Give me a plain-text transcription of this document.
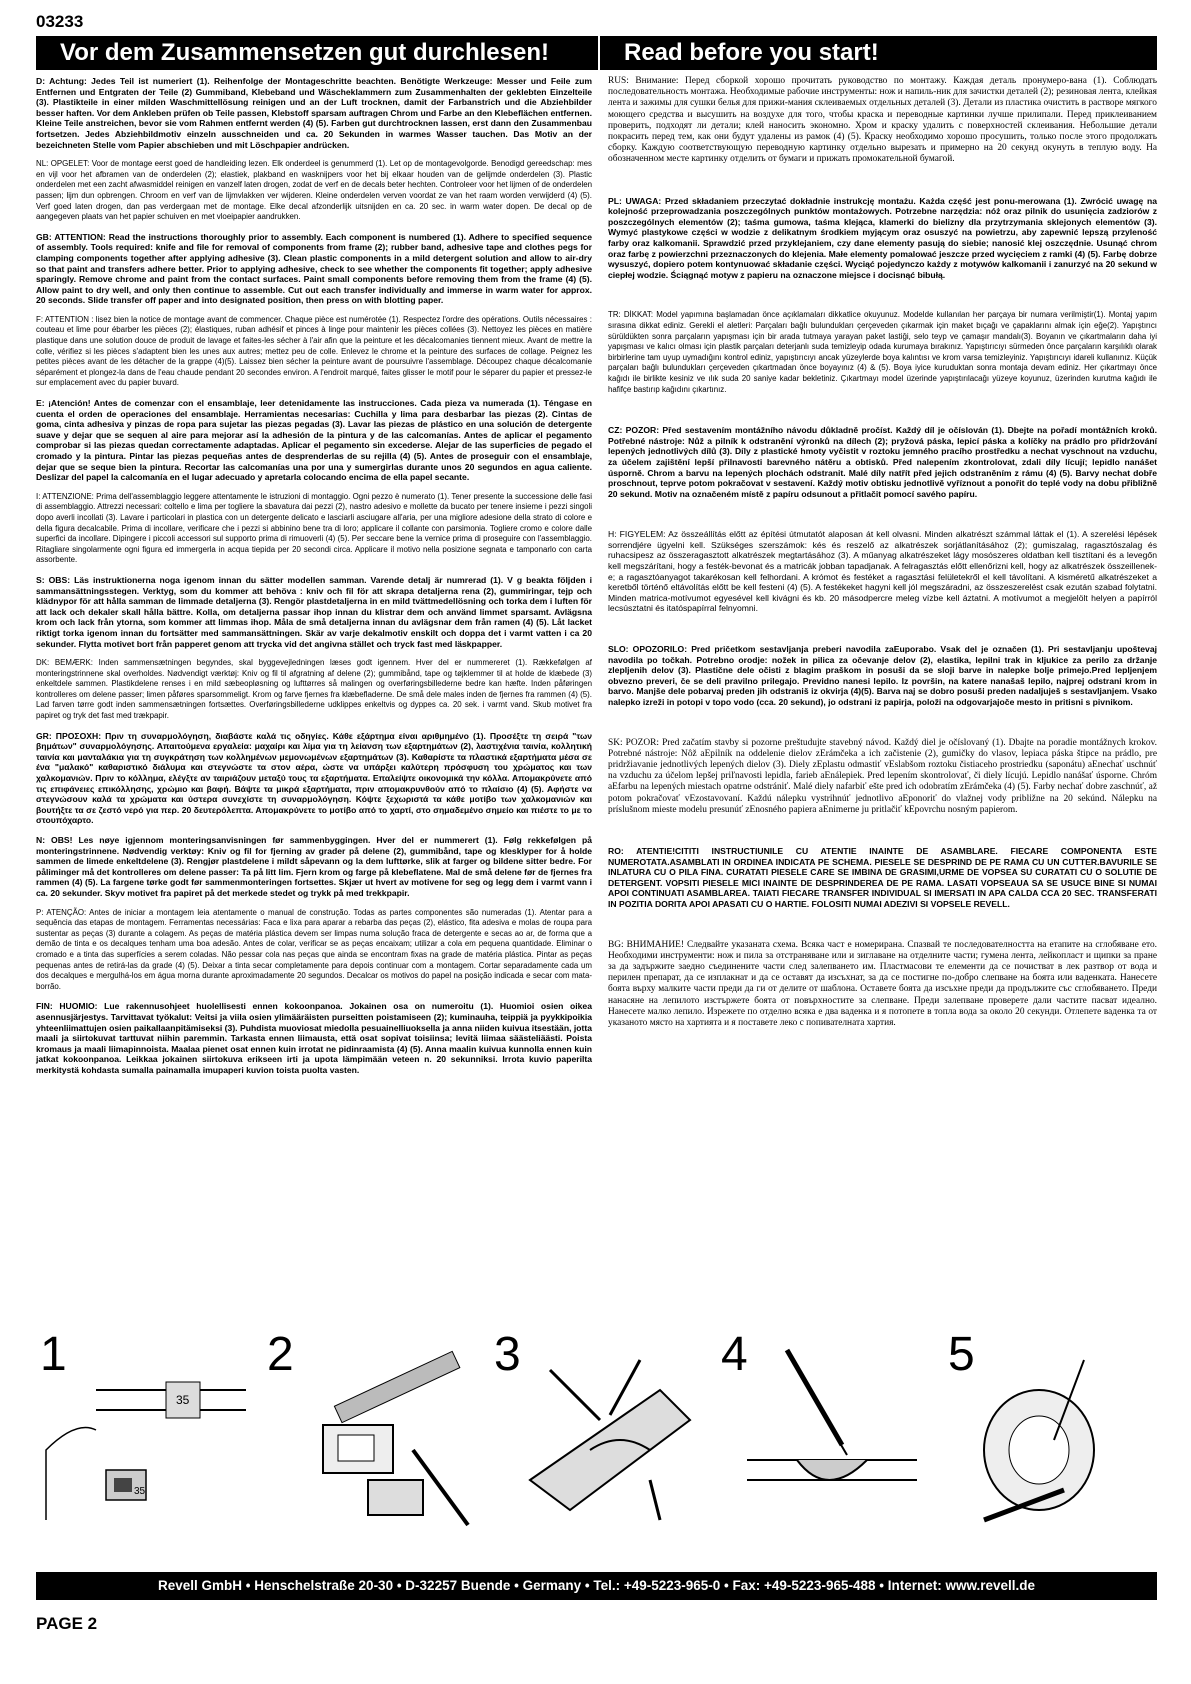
03233
Vor dem Zusammensetzen gut durchlesen!	Read before you start!

D: Achtung: Jedes Teil ist numeriert (1). Reihenfolge der Montageschritte beachten. Benötigte Werkzeuge: Messer und Feile zum Entfernen und Entgraten der Teile (2) Gummiband, Klebeband und Wäscheklammern zum Zusammenhalten der geklebten Einzelteile (3). Plastikteile in einer milden Waschmittellösung reinigen und an der Luft trocknen, damit der Farbanstrich und die Abziehbilder besser haften. Vor dem Ankleben prüfen ob Teile passen, Klebstoff sparsam auftragen Chrom und Farbe an den Klebeflächen entfernen. Kleine Teile anstreichen, bevor sie vom Rahmen entfernt werden (4) (5). Farben gut durchtrocknen lassen, erst dann den Zusammenbau fortsetzen. Jedes Abziehbildmotiv einzeln ausschneiden und ca. 20 Sekunden in warmes Wasser tauchen. Das Motiv an der bezeichneten Stelle vom Papier abschieben und mit Löschpapier andrücken.

NL: OPGELET: Voor de montage eerst goed de handleiding lezen. Elk onderdeel is genummerd (1). Let op de montagevolgorde. Benodigd gereedschap: mes en vijl voor het afbramen van de onderdelen (2); elastiek, plakband en wasknijpers voor het bij elkaar houden van de gelijmde onderdelen (3). Plastic onderdelen met een zacht afwasmiddel reinigen en vanzelf laten drogen, zodat de verf en de decals beter hechten. Controleer voor het lijmen of de onderdelen passen; lijm dun opbrengen. Chroom en verf van de lijmvlakken ver wijderen. Kleine onderdelen verven voordat ze van het raam worden verwijderd (4) (5). Verf goed laten drogen, dan pas verdergaan met de montage. Elke decal afzonderlijk uitsnijden en ca. 20 sec. in warm water dopen. De decal op de aangegeven plaats van het papier schuiven en met vloeipapier aandrukken.

GB: ATTENTION: Read the instructions thoroughly prior to assembly. Each component is numbered (1). Adhere to specified sequence of assembly. Tools required: knife and file for removal of components from frame (2); rubber band, adhesive tape and clothes pegs for clamping components together after applying adhesive (3). Clean plastic components in a mild detergent solution and allow to air-dry so that paint and transfers adhere better. Prior to applying adhesive, check to see whether the components fit together; apply adhesive sparingly. Remove chrome and paint from the contact surfaces. Paint small components before removing them from the frame (4) (5). Allow paint to dry well, and only then continue to assemble. Cut out each transfer individually and immerse in warm water for approx. 20 seconds. Slide transfer off paper and into designated position, then press on with blotting paper.

F: ATTENTION : lisez bien la notice de montage avant de commencer. Chaque pièce est numérotée (1). Respectez l'ordre des opérations. Outils nécessaires : couteau et lime pour ébarber les pièces (2); élastiques, ruban adhésif et pinces à linge pour maintenir les pièces collées (3). Nettoyez les pièces en matière plastique dans une solution douce de produit de lavage et faites-les sécher à l'air afin que la peinture et les décalcomanies tiennent mieux. Avant de mettre la colle, vérifiez si les pièces s'adaptent bien les unes aux autres; mettez peu de colle. Enlevez le chrome et la peinture des surfaces de collage. Peignez les petites pièces avant de les détacher de la grappe (4)(5). Laissez bien sécher la peinture avant de poursuivre l'assemblage. Découpez chaque décalcomanie séparément et plongez-la dans de l'eau chaude pendant 20 secondes environ. A l'endroit marqué, faites glisser le motif pour le séparer du papier et pressez-le sur emplacement avec du papier buvard.

E: ¡Atención! Antes de comenzar con el ensamblaje, leer detenidamente las instrucciones. Cada pieza va numerada (1). Téngase en cuenta el orden de operaciones del ensamblaje. Herramientas necesarias: Cuchilla y lima para desbarbar las piezas (2). Cintas de goma, cinta adhesiva y pinzas de ropa para sujetar las piezas pegadas (3). Lavar las piezas de plástico en una solución de detergente suave y dejar que se sequen al aire para mejorar así la adhesión de la pintura y de las calcomanías. Antes de aplicar el pegamento comprobar si las piezas quedan correctamente adaptadas. Aplicar el pegamento sin excederse. Alejar de las superficies de pegado el cromado y la pintura. Pintar las piezas pequeñas antes de desprenderlas de su rejilla (4) (5). Antes de proseguir con el ensamblaje, dejar que se seque bien la pintura. Recortar las calcomanías una por una y sumergirlas durante unos 20 segundos en agua caliente. Deslizar del papel la calcomanía en el lugar adecuado y apretarla colocando encima de ella papel secante.

I: ATTENZIONE: Prima dell'assemblaggio leggere attentamente le istruzioni di montaggio. Ogni pezzo è numerato (1). Tener presente la successione delle fasi di assemblaggio. Attrezzi necessari: coltello e lima per togliere la sbavatura dai pezzi (2), nastro adesivo e mollette da bucato per tenere insieme i pezzi singoli dopo averli incollati (3). Lavare i particolari in plastica con un detergente delicato e lasciarli asciugare all'aria, per una migliore adesione della strato di colore e della figura decalcabile. Prima di incollare, verificare che i pezzi si abbinino bene tra di loro; applicare il collante con parsimonia. Togliere cromo e colore dalle superfici da incollare. Dipingere i piccoli accessori sul supporto prima di rimuoverli (4) (5). Per seccare bene la vernice prima di proseguire con l'assemblaggio. Ritagliare singolarmente ogni figura ed immergerla in acqua tiepida per 20 secondi circa. Applicare il motivo nella posizione segnata e tamponarlo con carta assorbente.

S: OBS: Läs instruktionerna noga igenom innan du sätter modellen samman. Varende detalj är numrerad (1). V g beakta följden i sammansättningsstegen. Verktyg, som du kommer att behöva : kniv och fil för att skrapa detaljerna rena (2), gummiringar, tejp och klädnypor för att hålla samman de limmade detaljerna (3). Rengör plastdetaljerna in en mild tvättmedellösning och torka dem i luften för att lack och dekaler skall hålla bättre. Kolla, om detaljerna passar ihop innan du klistrar dem och använd limmet sparsamt. Avlägsna krom och lack från ytorna, som kommer att limmas ihop. Måla de små detaljerna innan du avlägsnar dem från ramen (4) (5). Låt lacket riktigt torka igenom innan du fortsätter med sammansättningen. Skär av varje dekalmotiv enskilt och doppa det i varmt vatten i ca 20 sekunder. Flytta motivet bort från papperet genom att trycka vid det angivna stället och tryck fast med läskpapper.

DK: BEMÆRK: Inden sammensætningen begyndes, skal byggevejledningen læses godt igennem. Hver del er nummereret (1). Rækkefølgen af monteringstrinnene skal overholdes. Nødvendigt værktøj: Kniv og fil til afgratning af delene (2); gummibånd, tape og tøjklemmer til at holde de klæbede (3) enkeltdele sammen. Plastikdelene renses i en mild sæbeopløsning og lufttørres så malingen og overføringsbillederne bedre kan hæfte. Inden påføringen kontrolleres om delene passer; limen påføres sparsommeligt. Krom og farve fjernes fra klæbefladerne. De små dele males inden de fjernes fra rammen (4) (5). Lad farven tørre godt inden sammensætningen fortsættes. Overføringsbillederne udklippes enkeltvis og dyppes ca. 20 sek. i varmt vand. Skub motivet fra papiret og tryk det fast med trækpapir.

GR: ΠΡΟΣΟΧΗ: Πριν τη συναρμολόγηση, διαβάστε καλά τις οδηγίες. Κάθε εξάρτημα είναι αριθμημένο (1). Προσέξτε τη σειρά "των βημάτων" συναρμολόγησης. Απαιτούμενα εργαλεία: μαχαίρι και λίμα για τη λείανση των εξαρτημάτων (2), λαστιχένια ταινία, κολλητική ταινία και μανταλάκια για τη συγκράτηση των κολλημένων μεμονωμένων εξαρτημάτων (3). Καθαρίστε τα πλαστικά εξαρτήματα μέσα σε ένα "μαλακό" καθαριστικό διάλυμα και στεγνώστε τα στον αέρα, ώστε να υπάρξει καλύτερη πρόσφυση του χρώματος και των χαλκομανιών. Πριν το κόλλημα, ελέγξτε αν ταιριάζουν μεταξύ τους τα εξαρτήματα. Επαλείψτε οικονομικά την κόλλα. Απομακρύνετε από τις επιφάνειες επικόλλησης, χρώμιο και βαφή. Βάψτε τα μικρά εξαρτήματα, πριν απομακρυνθούν από το πλαίσιο (4) (5). Αφήστε να στεγνώσουν καλά τα χρώματα και ύστερα συνεχίστε τη συναρμολόγηση. Κόψτε ξεχωριστά τα κάθε μοτίβο των χαλκομανιών και βουτήξτε τα σε ζεστό νερό για περ. 20 δευτερόλεπτα. Απομακρύνετε το μοτίβο από το χαρτί, στο σημαδεμένο σημείο και πιέστε το με το στουπόχαρτο.

N: OBS! Les nøye igjennom monteringsanvisningen før sammenbyggingen. Hver del er nummerert (1). Følg rekkefølgen på monteringstrinnene. Nødvendig verktøy: Kniv og fil for fjerning av grader på delene (2), gummibånd, tape og klesklyper for å holde sammen de limede enkeltdelene (3). Rengjør plastdelene i mildt såpevann og la dem lufttørke, slik at farger og bildene sitter bedre. For påliminger må det kontrolleres om delene passer: Ta på litt lim. Fjern krom og farge på klebeflatene. Mal de små delene før de fjernes fra rammen (4) (5). La fargene tørke godt før sammenmonteringen fortsettes. Skjær ut hvert av motivene for seg og legg dem i varmt vann i ca. 20 sekunder. Skyv motivet fra papiret på det merkede stedet og trykk på med trekkpapir.

P: ATENÇÃO: Antes de iniciar a montagem leia atentamente o manual de construção. Todas as partes componentes são numeradas (1). Atentar para a sequência das etapas de montagem. Ferramentas necessárias: Faca e lixa para aparar a rebarba das peças (2), elástico, fita adesiva e molas de roupa para sustentar as peças (3) durante a colagem. As peças de matéria plástica devem ser limpas numa solução fraca de detergente e secas ao ar, de forma que a demão de tinta e os decalques tenham uma boa adesão. Antes de colar, verificar se as peças encaixam; utilizar a cola em pequena quantidade. Eliminar o cromado e a tinta das superfícies a serem coladas. Não pessar cola nas peças que ainda se encontram fixas na grade de matéria plástica. Pintar as peças pequenas antes de retirá-las da grade (4) (5). Deixar a tinta secar completamente para depois continuar com a montagem. Cortar separadamente cada um dos decalques e mergulhá-los em água morna durante aproximadamente 20 segundos. Decalcar os motivos do papel na posição indicada e secar com mata-borrão.

FIN: HUOMIO: Lue rakennusohjeet huolellisesti ennen kokoonpanoa. Jokainen osa on numeroitu (1). Huomioi osien oikea asennusjärjestys. Tarvittavat työkalut: Veitsi ja viila osien ylimääräisten purseitten poistamiseen (2); kuminauha, teippiä ja pyykkipoikia yhteenliimattujen osien paikallaanpitämiseksi (3). Puhdista muoviosat miedolla pesuainelliuoksella ja anna niiden kuivua itsestään, jotta maali ja siirtokuvat tarttuvat niihin paremmin. Tarkasta ennen liimausta, että osat sopivat toisiinsa; levitä liimaa säästeliäästi. Poista kromaus ja maali liimapinnoista. Maalaa pienet osat ennen kuin irrotat ne pidinraamista (4) (5). Anna maalin kuivua kunnolla ennen kuin jatkat kokoonpanoa. Leikkaa jokainen siirtokuva erikseen irti ja upota lämpimään veteen n. 20 sekunniksi. Irrota kuvio paperilta merkitystä kohdasta sumalla painamalla imupaperi kuvion toista puolta vasten.

RUS: Внимание: Перед сборкой хорошо прочитать руководство по монтажу. Каждая деталь пронумеро-вана (1). Соблюдать последовательность монтажа. Необходимые рабочие инструменты: нож и напиль-ник для зачистки деталей (2); резиновая лента, клейкая лента и зажимы для сушки белья для прижи-мания склеиваемых отдельных деталей (3). Детали из пластика очистить в растворе мягкого моющего средства и высушить на воздухе для того, чтобы краска и переводные картинки лучше прилипали. Перед приклеиванием проверить, подходят ли детали; клей наносить экономно. Хром и краску удалить с поверхностей склеивания. Небольшие детали покрасить перед тем, как они будут удалены из рамок (4) (5). Краску необходимо хорошо просушить, только после этого продолжать сборку. Каждую соответствующую переводную картинку отдельно вырезать и примерно на 20 секунд окунуть в теплую воду. На обозначенном месте картинку отделить от бумаги и прижать промокательной бумагой.

PL: UWAGA: Przed składaniem przeczytać dokładnie instrukcję montażu. Każda część jest ponu-merowana (1). Zwrócić uwagę na kolejność przeprowadzania poszczególnych punktów montażowych. Potrzebne narzędzia: nóż oraz pilnik do usunięcia zadziorów z poszczególnych elementów (2); taśma gumowa, taśma klejąca, klamerki do bielizny dla przytrzymania sklejonych elementów (3). Wymyć plastykowe części w wodzie z delikatnym środkiem myjącym oraz osuszyć na powietrzu, aby zapewnić lepszą przyleność farby oraz kalkomanii. Sprawdzić przed przyklejaniem, czy dane elementy pasują do siebie; nanosić klej oszczędnie. Usunąć chrom oraz farbę z powierzchni przeznaczonych do klejenia. Małe elementy pomalować jeszcze przed wycięciem z ramki (4) (5). Farbę dobrze wysuszyć, dopiero potem kontynuować składanie części. Wyciąć pojedynczo każdy z motywów kalkomanii i zanurzyć na 20 sekund w ciepłej wodzie. Ściągnąć motyw z papieru na oznaczone miejsce i docisnąć bibułą.

TR: DİKKAT: Model yapımına başlamadan önce açıklamaları dikkatlice okuyunuz. Modelde kullanılan her parçaya bir numara verilmiştir(1). Montaj yapım sırasına dikkat ediniz. Gerekli el aletleri: Parçaları bağlı bulundukları çerçeveden çıkarmak için maket bıçağı ve çapaklarını almak için eğe(2). Yapıştırıcı sürüldükten sonra parçaların yapışması için bir arada tutmaya yarayan paket lastiği, selo teyp ve çamaşır mandalı(3). Boyanın ve çıkartmaların daha iyi yapışması ve kalıcı olması için plastik parçaları deterjanlı suda temizleyip odada kurumaya bırakınız. Yapıştırıcıyı sürmeden önce parçaların karşılıklı olarak birbirlerine tam uyup uymadığını kontrol ediniz, yapıştırıcıyı ancak yüzeylerde boya kalıntısı ve krom varsa temizleyiniz. Yapıştırıcıyı idareli kullanınız. Küçük parçaları bağlı bulundukları çerçeveden çıkartmadan önce boyayınız (4) & (5). Boya iyice kuruduktan sonra montaja devam ediniz. Her çıkartmayı önce kağıdı ile birlikte kesiniz ve ılık suda 20 saniye kadar bekletiniz. Çıkartmayı model üzerinde yapıştırılacağı yüzeye koyunuz, üzerinden kurutma kağıdı ile hafifçe bastırıp kağıdını çıkartınız.

CZ: POZOR: Před sestavením montážního návodu důkladně pročíst. Každý díl je očíslován (1). Dbejte na pořadí montážních kroků. Potřebné nástroje: Nůž a pilník k odstranění výronků na dílech (2); pryžová páska, lepicí páska a kolíčky na prádlo pro přidržování lepených jednotlivých dílů (3). Díly z plastické hmoty vyčistit v roztoku jemného pracího prostředku a nechat vyschnout na vzduchu, za účelem zajištění lepší přilnavosti barevného nátěru a obtisků. Před nalepením zkontrolovat, zdali díly lícují; lepidlo nanášet úsporně. Chrom a barvu na lepených plochách odstranit. Malé díly natřít před jejich odstraněním z rámu (4) (5). Barvy nechat dobře proschnout, teprve potom pokračovat v sestavení. Každý motiv obtisku jednotlivě vyříznout a ponořit do teplé vody na dobu přibližně 20 sekund. Motiv na označeném místě z papíru odsunout a přitlačit pomocí savého papíru.

H: FIGYELEM: Az összeállítás előtt az építési útmutatót alaposan át kell olvasni. Minden alkatrészt számmal láttak el (1). A szerelési lépések sorrendjére ügyelni kell. Szükséges szerszámok: kés és reszelő az alkatrészek sorjátlanításához (2); gumiszalag, ragasztószalag és ruhacsipesz az összeragasztott alkatrészek megtartásához (3). A műanyag alkatrészeket lágy mosószeres oldatban kell tisztítani és a levegőn kell megszárítani, hogy a festék-bevonat és a matricák jobban tapadjanak. A felragasztás előtt ellenőrizni kell, hogy az alkatrészek összeillenek-e; a ragasztóanyagot takarékosan kell felhordani. A krómot és festéket a ragasztási felületekről el kell távolítani. A kisméretű alkatrészeket a keretből történő eltávolítás előtt be kell festeni (4) (5). A festékeket hagyni kell jól megszáradni, az összeszerelést csak ezután szabad folytatni. Minden matrica-motívumot egyesével kell kivágni és kb. 20 másodpercre meleg vízbe kell áztatni. A motívumot a megjelölt helyen a papírról lecsúsztatni és itatóspapírral felnyomni.

SLO: OPOZORILO: Pred pričetkom sestavljanja preberi navodila zaЕuporabo. Vsak del je označen (1). Pri sestavljanju upoštevaj navodila po točkah. Potrebno orodje: nožek in pilica za očevanje delov (2), elastika, lepilni trak in kljukice za perilo za držanje zlepljenih delov (3). Plastične dele očisti z blagim praškom in posuši da se sloji barve in nalepke bolje primejo.Pred lepljenjem obvezno preveri, če se deli pravilno prilegajo. Previdno nanesi lepilo. Iz površin, na katere nanašaš lepilo, najprej odstrani krom in barvo. Manjše dele pobarvaj preden jih odstraniš iz okvirja (4)(5). Barva naj se dobro posuši preden nadaljuješ s sestavljanjem. Vsako nalepko izreži in potopi v topo vodo (cca. 20 sekund), jo odstrani iz papirja, položi na odgovarjajoče mesto in pritisni s pivnikom.

SK: POZOR: Pred začatím stavby si pozorne preštudujte stavebný návod. Každý diel je očíslovaný (1). Dbajte na poradie montážnych krokov. Potrebné nástroje: Nôž aЕpilník na oddelenie dielov zЕrámčeka a ich začistenie (2), gumičky do vlasov, lepiaca páska štipce na prádlo, pre pridržiavanie jednotlivých lepených dielov (3). Diely zЕplastu odmastiť vЕslabšom roztoku čistiaceho prostriedku (saponátu) aЕnechať uschnúť na vzduchu za účelom lepšej priľnavosti lepidla, farieb aЕnálepiek. Pred lepením skontrolovať, či diely lícujú. Lepidlo nanášať úsporne. Chróm aЕfarbu na lepených miestach opatrne odstrániť. Malé diely nafarbiť ešte pred ich odobratím zЕrámčeka (4) (5). Farby nechať dobre zaschnúť, až potom pokračovať vЕzostavovaní. Každú nálepku vystrihnúť jednotlivo aЕponoriť do vlažnej vody približne na 20 sekúnd. Nálepku na príslušnom mieste modelu presunúť zЕnosného papiera aЕnimerne ju pritlačiť kЕpovrchu nosným papierom.

RO: ATENTIE!CITITI INSTRUCTIUNILE CU ATENTIE INAINTE DE ASAMBLARE. FIECARE COMPONENTA ESTE NUMEROTATA.ASAMBLATI IN ORDINEA INDICATA PE SCHEMA. PIESELE SE DESPRIND DE PE RAMA CU UN CUTTER.BAVURILE SE INLATURA CU O PILA FINA. CURATATI PIESELE CARE SE IMBINA DE GRASIMI,URME DE VOPSEA SU CURATATI CU O SOLUTIE DE DETERGENT. VOPSITI PIESELE MICI INAINTE DE DESPRINDEREA DE PE RAMA. LASATI VOPSEAUA SA SE USUCE BINE SI NUMAI APOI CONTINUATI ASAMBLAREA. TAIATI FIECARE TRANSFER INDIVIDUAL SI IMERSATI IN APA CALDA CCA 20 SEC. TRANSFERATI IN POZITIA DORITA APOI APASATI CU O HARTIE. FOLOSITI NUMAI ADEZIVI SI VOPSELE REVELL.

BG: ВНИМАНИЕ! Следвайте указаната схема. Всяка част е номерирана. Спазвай те последователността на етапите на сглобяване ето. Необходими инструменти: нож и пила за отстраняване или и зиглаване на отделните части; гумена лента, лейкопласт и щипки за пране за да задържите заедно съединените части след залепването им. Пластмасови те елементи да се почистват в лек разтвор от вода и перилен препарат, да се изплакнат и да се оставят да изсъхнат, за да се постигне по-добро слепване на боята или ваденката. Нанесете боята върху малките части преди да ги от делите от шаблона. Оставете боята да изсъхне преди да продължите със сглобяването. Преди нанасяне на лепилото изстържете боята от повърхностите за слепване. Преди залепване проверете дали частите пасват идеално. Нанесете малко лепило. Изрежете по отделно всяка е два ваденка и я потопете в топла вода за около 20 секунди. Отлепете ваденка та от указаното място на хартията и я поставете леко с попивателната хартия.

35
35
1	2	3	4	5
Revell GmbH • Henschelstraße 20-30 • D-32257 Buende • Germany • Tel.: +49-5223-965-0 • Fax: +49-5223-965-488 • Internet: www.revell.de
PAGE 2
